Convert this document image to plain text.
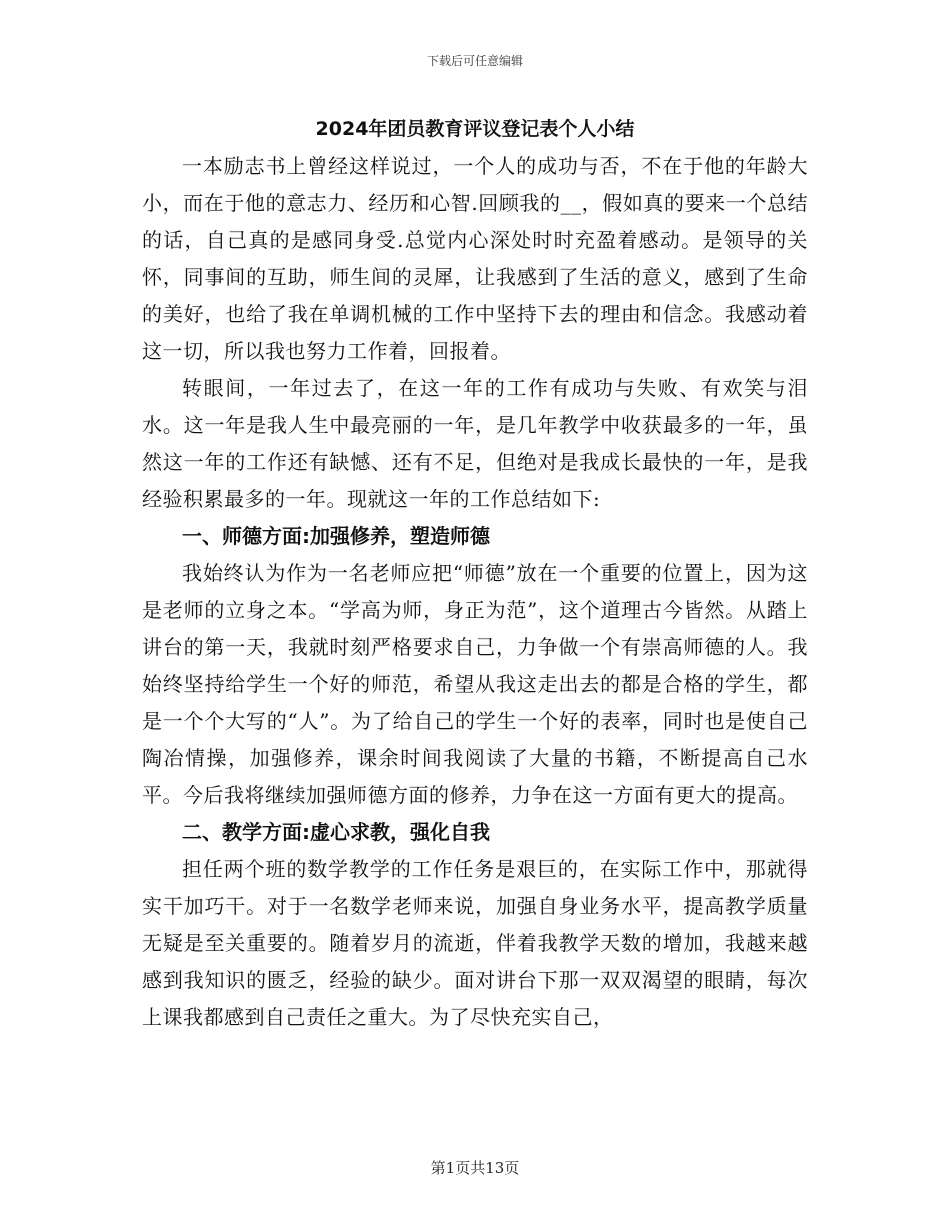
下载后可任意编辑
2024年团员教育评议登记表个人小结

一本励志书上曾经这样说过，一个人的成功与否，不在于他的年龄大小，而在于他的意志力、经历和心智.回顾我的__，假如真的要来一个总结的话，自己真的是感同身受.总觉内心深处时时充盈着感动。是领导的关怀，同事间的互助，师生间的灵犀，让我感到了生活的意义，感到了生命的美好，也给了我在单调机械的工作中坚持下去的理由和信念。我感动着这一切，所以我也努力工作着，回报着。

转眼间，一年过去了，在这一年的工作有成功与失败、有欢笑与泪水。这一年是我人生中最亮丽的一年，是几年教学中收获最多的一年，虽然这一年的工作还有缺憾、还有不足，但绝对是我成长最快的一年，是我经验积累最多的一年。现就这一年的工作总结如下:

一、师德方面:加强修养，塑造师德

我始终认为作为一名老师应把“师德”放在一个重要的位置上，因为这是老师的立身之本。“学高为师，身正为范”，这个道理古今皆然。从踏上讲台的第一天，我就时刻严格要求自己，力争做一个有崇高师德的人。我始终坚持给学生一个好的师范，希望从我这走出去的都是合格的学生，都是一个个大写的“人”。为了给自己的学生一个好的表率，同时也是使自己陶冶情操，加强修养，课余时间我阅读了大量的书籍，不断提高自己水平。今后我将继续加强师德方面的修养，力争在这一方面有更大的提高。

二、教学方面:虚心求教，强化自我

担任两个班的数学教学的工作任务是艰巨的，在实际工作中，那就得实干加巧干。对于一名数学老师来说，加强自身业务水平，提高教学质量无疑是至关重要的。随着岁月的流逝，伴着我教学天数的增加，我越来越感到我知识的匮乏，经验的缺少。面对讲台下那一双双渴望的眼睛，每次上课我都感到自己责任之重大。为了尽快充实自己，

第1页共13页
